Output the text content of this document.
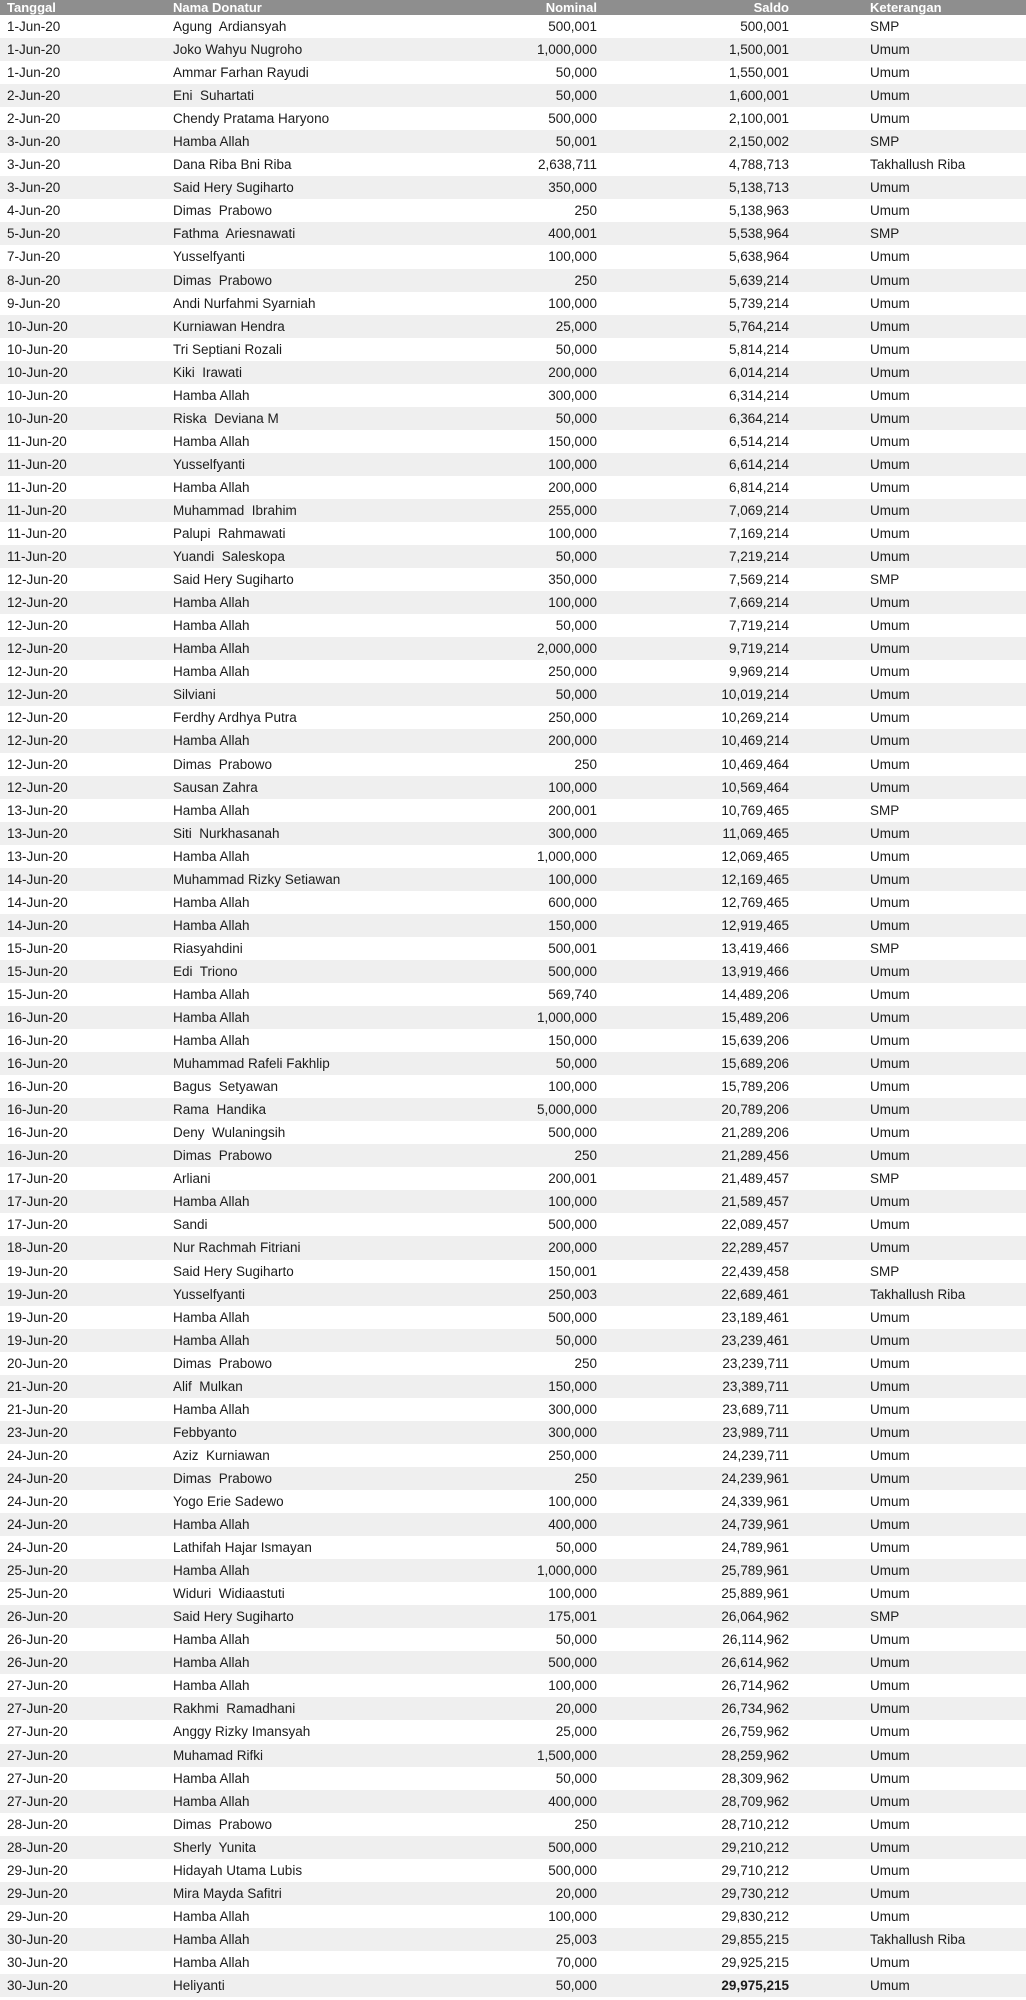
Tanggal	Nama Donatur	Nominal	Saldo	Keterangan
1-Jun-20	Agung  Ardiansyah	500,001	500,001	SMP
1-Jun-20	Joko Wahyu Nugroho	1,000,000	1,500,001	Umum
1-Jun-20	Ammar Farhan Rayudi	50,000	1,550,001	Umum
2-Jun-20	Eni  Suhartati	50,000	1,600,001	Umum
2-Jun-20	Chendy Pratama Haryono	500,000	2,100,001	Umum
3-Jun-20	Hamba Allah	50,001	2,150,002	SMP
3-Jun-20	Dana Riba Bni Riba	2,638,711	4,788,713	Takhallush Riba
3-Jun-20	Said Hery Sugiharto	350,000	5,138,713	Umum
4-Jun-20	Dimas  Prabowo	250	5,138,963	Umum
5-Jun-20	Fathma  Ariesnawati	400,001	5,538,964	SMP
7-Jun-20	Yusselfyanti	100,000	5,638,964	Umum
8-Jun-20	Dimas  Prabowo	250	5,639,214	Umum
9-Jun-20	Andi Nurfahmi Syarniah	100,000	5,739,214	Umum
10-Jun-20	Kurniawan Hendra	25,000	5,764,214	Umum
10-Jun-20	Tri Septiani Rozali	50,000	5,814,214	Umum
10-Jun-20	Kiki  Irawati	200,000	6,014,214	Umum
10-Jun-20	Hamba Allah	300,000	6,314,214	Umum
10-Jun-20	Riska  Deviana M	50,000	6,364,214	Umum
11-Jun-20	Hamba Allah	150,000	6,514,214	Umum
11-Jun-20	Yusselfyanti	100,000	6,614,214	Umum
11-Jun-20	Hamba Allah	200,000	6,814,214	Umum
11-Jun-20	Muhammad  Ibrahim	255,000	7,069,214	Umum
11-Jun-20	Palupi  Rahmawati	100,000	7,169,214	Umum
11-Jun-20	Yuandi  Saleskopa	50,000	7,219,214	Umum
12-Jun-20	Said Hery Sugiharto	350,000	7,569,214	SMP
12-Jun-20	Hamba Allah	100,000	7,669,214	Umum
12-Jun-20	Hamba Allah	50,000	7,719,214	Umum
12-Jun-20	Hamba Allah	2,000,000	9,719,214	Umum
12-Jun-20	Hamba Allah	250,000	9,969,214	Umum
12-Jun-20	Silviani	50,000	10,019,214	Umum
12-Jun-20	Ferdhy Ardhya Putra	250,000	10,269,214	Umum
12-Jun-20	Hamba Allah	200,000	10,469,214	Umum
12-Jun-20	Dimas  Prabowo	250	10,469,464	Umum
12-Jun-20	Sausan Zahra	100,000	10,569,464	Umum
13-Jun-20	Hamba Allah	200,001	10,769,465	SMP
13-Jun-20	Siti  Nurkhasanah	300,000	11,069,465	Umum
13-Jun-20	Hamba Allah	1,000,000	12,069,465	Umum
14-Jun-20	Muhammad Rizky Setiawan	100,000	12,169,465	Umum
14-Jun-20	Hamba Allah	600,000	12,769,465	Umum
14-Jun-20	Hamba Allah	150,000	12,919,465	Umum
15-Jun-20	Riasyahdini	500,001	13,419,466	SMP
15-Jun-20	Edi  Triono	500,000	13,919,466	Umum
15-Jun-20	Hamba Allah	569,740	14,489,206	Umum
16-Jun-20	Hamba Allah	1,000,000	15,489,206	Umum
16-Jun-20	Hamba Allah	150,000	15,639,206	Umum
16-Jun-20	Muhammad Rafeli Fakhlip	50,000	15,689,206	Umum
16-Jun-20	Bagus  Setyawan	100,000	15,789,206	Umum
16-Jun-20	Rama  Handika	5,000,000	20,789,206	Umum
16-Jun-20	Deny  Wulaningsih	500,000	21,289,206	Umum
16-Jun-20	Dimas  Prabowo	250	21,289,456	Umum
17-Jun-20	Arliani	200,001	21,489,457	SMP
17-Jun-20	Hamba Allah	100,000	21,589,457	Umum
17-Jun-20	Sandi	500,000	22,089,457	Umum
18-Jun-20	Nur Rachmah Fitriani	200,000	22,289,457	Umum
19-Jun-20	Said Hery Sugiharto	150,001	22,439,458	SMP
19-Jun-20	Yusselfyanti	250,003	22,689,461	Takhallush Riba
19-Jun-20	Hamba Allah	500,000	23,189,461	Umum
19-Jun-20	Hamba Allah	50,000	23,239,461	Umum
20-Jun-20	Dimas  Prabowo	250	23,239,711	Umum
21-Jun-20	Alif  Mulkan	150,000	23,389,711	Umum
21-Jun-20	Hamba Allah	300,000	23,689,711	Umum
23-Jun-20	Febbyanto	300,000	23,989,711	Umum
24-Jun-20	Aziz  Kurniawan	250,000	24,239,711	Umum
24-Jun-20	Dimas  Prabowo	250	24,239,961	Umum
24-Jun-20	Yogo Erie Sadewo	100,000	24,339,961	Umum
24-Jun-20	Hamba Allah	400,000	24,739,961	Umum
24-Jun-20	Lathifah Hajar Ismayan	50,000	24,789,961	Umum
25-Jun-20	Hamba Allah	1,000,000	25,789,961	Umum
25-Jun-20	Widuri  Widiaastuti	100,000	25,889,961	Umum
26-Jun-20	Said Hery Sugiharto	175,001	26,064,962	SMP
26-Jun-20	Hamba Allah	50,000	26,114,962	Umum
26-Jun-20	Hamba Allah	500,000	26,614,962	Umum
27-Jun-20	Hamba Allah	100,000	26,714,962	Umum
27-Jun-20	Rakhmi  Ramadhani	20,000	26,734,962	Umum
27-Jun-20	Anggy Rizky Imansyah	25,000	26,759,962	Umum
27-Jun-20	Muhamad Rifki	1,500,000	28,259,962	Umum
27-Jun-20	Hamba Allah	50,000	28,309,962	Umum
27-Jun-20	Hamba Allah	400,000	28,709,962	Umum
28-Jun-20	Dimas  Prabowo	250	28,710,212	Umum
28-Jun-20	Sherly  Yunita	500,000	29,210,212	Umum
29-Jun-20	Hidayah Utama Lubis	500,000	29,710,212	Umum
29-Jun-20	Mira Mayda Safitri	20,000	29,730,212	Umum
29-Jun-20	Hamba Allah	100,000	29,830,212	Umum
30-Jun-20	Hamba Allah	25,003	29,855,215	Takhallush Riba
30-Jun-20	Hamba Allah	70,000	29,925,215	Umum
30-Jun-20	Heliyanti	50,000	29,975,215	Umum
